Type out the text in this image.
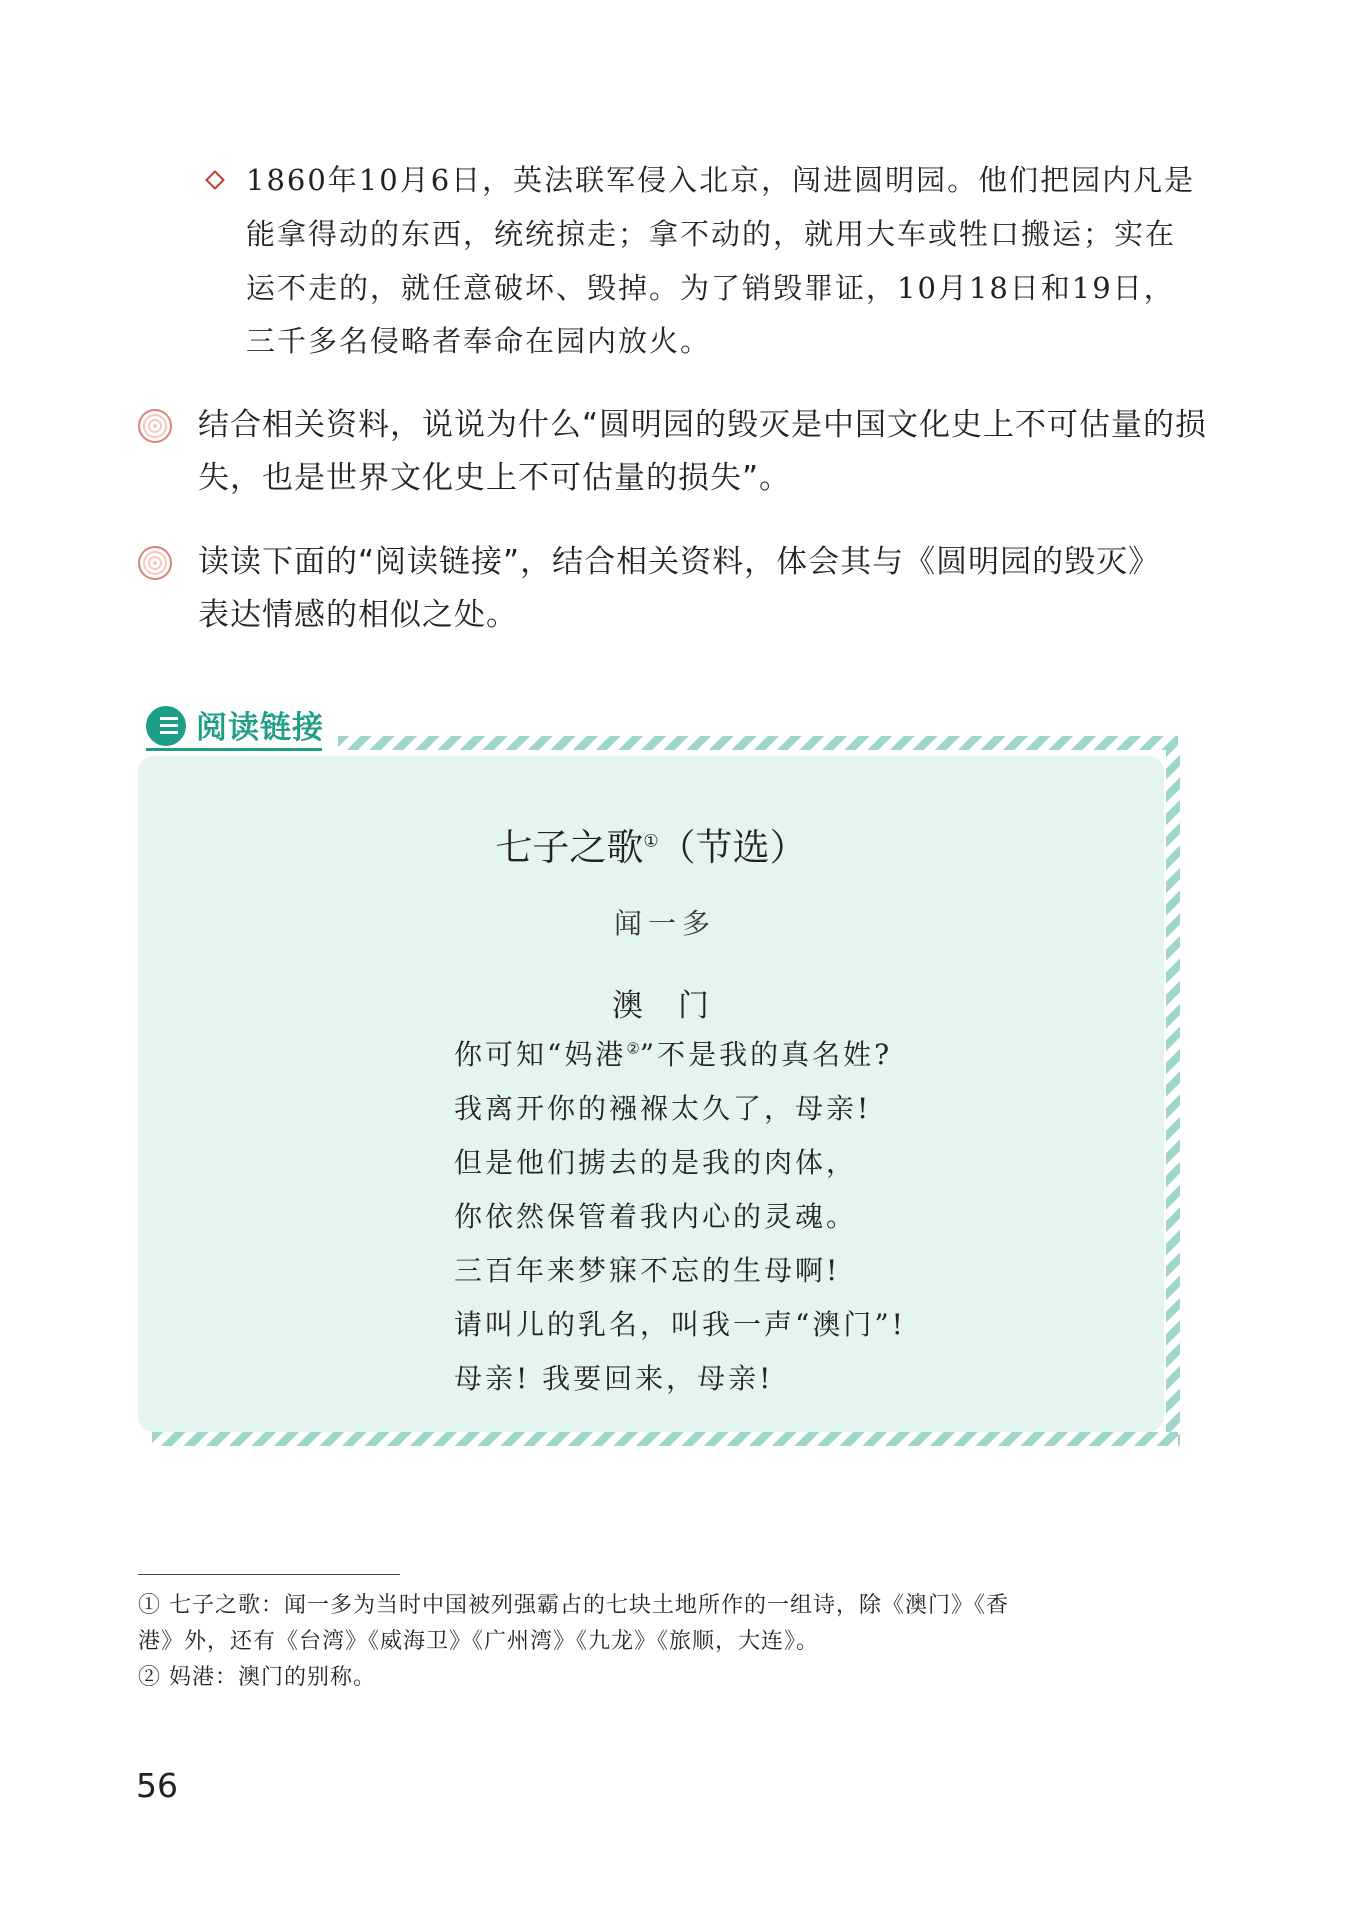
1860年10月6日，英法联军侵入北京，闯进圆明园。他们把园内凡是
能拿得动的东西，统统掠走；拿不动的，就用大车或牲口搬运；实在
运不走的，就任意破坏、毁掉。为了销毁罪证，10月18日和19日，
三千多名侵略者奉命在园内放火。
结合相关资料，说说为什么“圆明园的毁灭是中国文化史上不可估量的损
失，也是世界文化史上不可估量的损失”。
读读下面的“阅读链接”，结合相关资料，体会其与《圆明园的毁灭》
表达情感的相似之处。
阅读链接
七子之歌①（节选）
闻一多
澳　门
你可知“妈港②”不是我的真名姓?
我离开你的襁褓太久了，母亲!
但是他们掳去的是我的肉体，
你依然保管着我内心的灵魂。
三百年来梦寐不忘的生母啊!
请叫儿的乳名，叫我一声“澳门”!
母亲! 我要回来，母亲!
① 七子之歌：闻一多为当时中国被列强霸占的七块土地所作的一组诗，除《澳门》《香
港》外，还有《台湾》《威海卫》《广州湾》《九龙》《旅顺，大连》。
② 妈港：澳门的别称。
56
